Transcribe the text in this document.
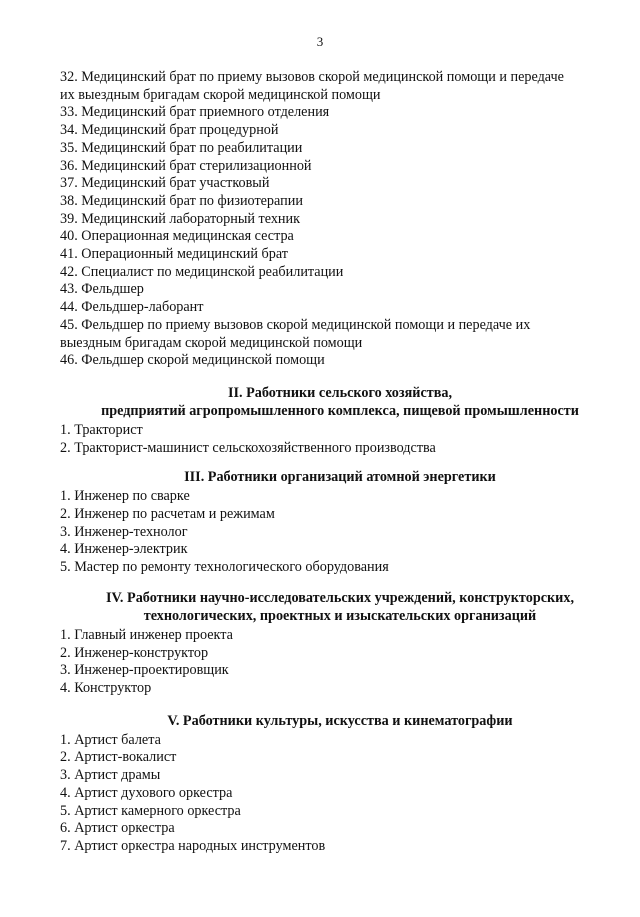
3
32. Медицинский брат по приему вызовов скорой медицинской помощи и передаче
их выездным бригадам скорой медицинской помощи
33. Медицинский брат приемного отделения
34. Медицинский брат процедурной
35. Медицинский брат по реабилитации
36. Медицинский брат стерилизационной
37. Медицинский брат участковый
38. Медицинский брат по физиотерапии
39. Медицинский лабораторный техник
40. Операционная медицинская сестра
41. Операционный медицинский брат
42. Специалист по медицинской реабилитации
43. Фельдшер
44. Фельдшер-лаборант
45. Фельдшер по приему вызовов скорой медицинской помощи и передаче их
выездным бригадам скорой медицинской помощи
46. Фельдшер скорой медицинской помощи
II. Работники сельского хозяйства,
предприятий агропромышленного комплекса, пищевой промышленности
1. Тракторист
2. Тракторист-машинист сельскохозяйственного производства
III. Работники организаций атомной энергетики
1. Инженер по сварке
2. Инженер по расчетам и режимам
3. Инженер-технолог
4. Инженер-электрик
5. Мастер по ремонту технологического оборудования
IV. Работники научно-исследовательских учреждений, конструкторских,
технологических, проектных и изыскательских организаций
1. Главный инженер проекта
2. Инженер-конструктор
3. Инженер-проектировщик
4. Конструктор
V. Работники культуры, искусства и кинематографии
1. Артист балета
2. Артист-вокалист
3. Артист драмы
4. Артист духового оркестра
5. Артист камерного оркестра
6. Артист оркестра
7. Артист оркестра народных инструментов
